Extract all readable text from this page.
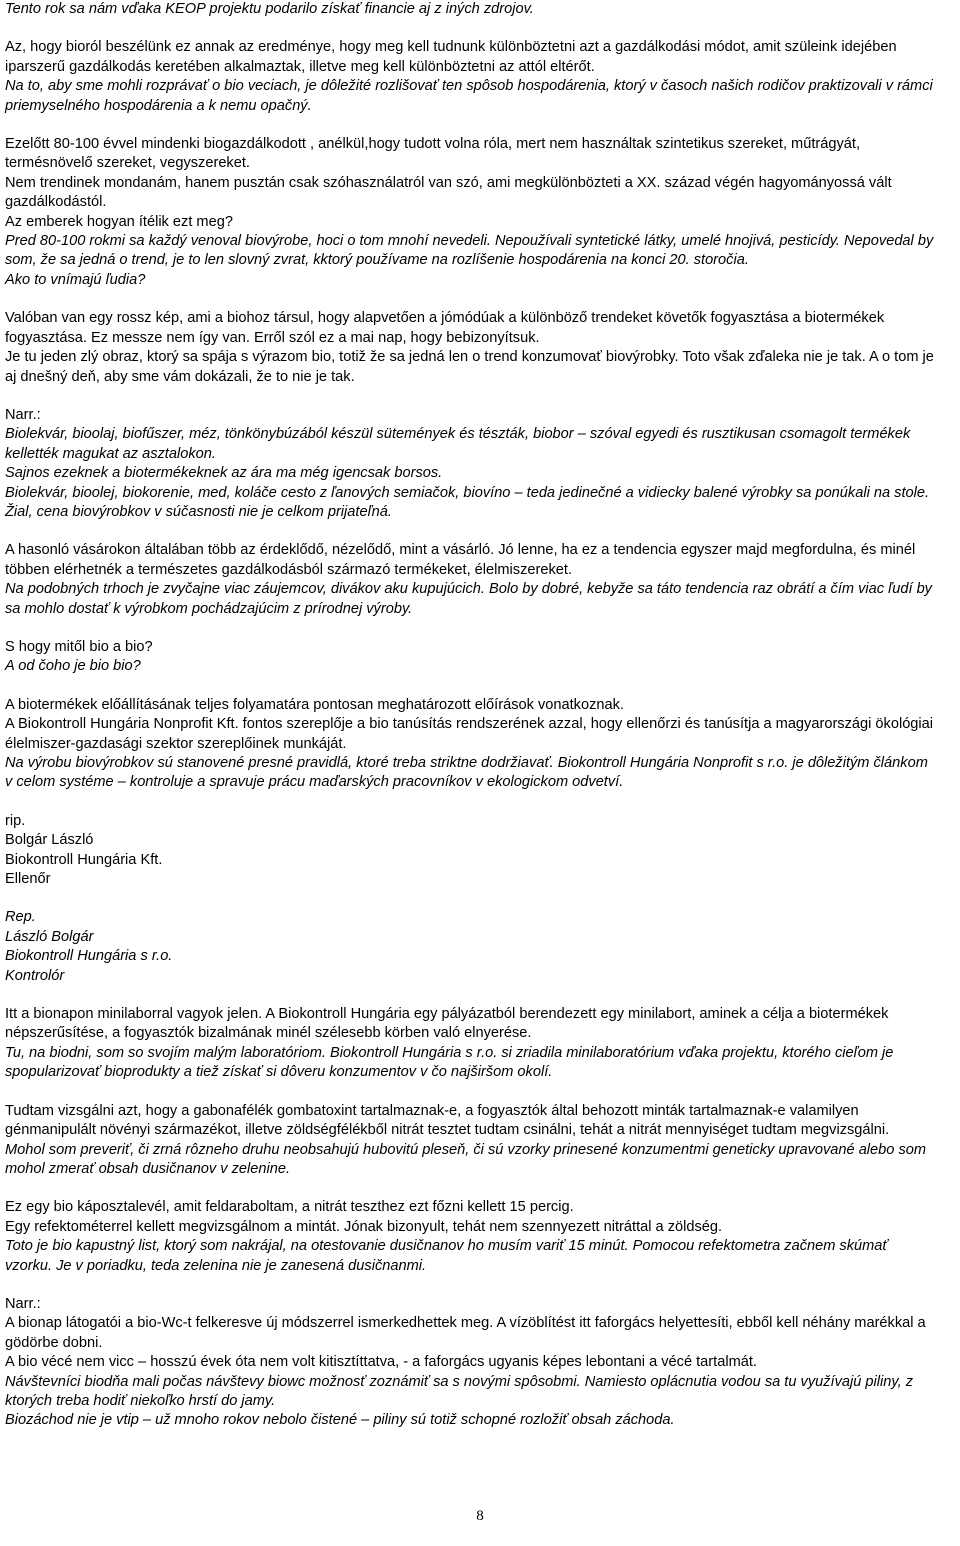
Tento rok sa nám vďaka KEOP projektu podarilo získať financie aj z iných zdrojov.

Az, hogy bioról beszélünk ez annak az eredménye, hogy meg kell tudnunk különböztetni azt a gazdálkodási módot, amit szüleink idejében iparszerű gazdálkodás keretében alkalmaztak, illetve meg kell különböztetni az attól eltérőt.

Na to, aby sme mohli rozprávať o bio veciach, je dôležité rozlišovať ten spôsob hospodárenia, ktorý v časoch našich rodičov praktizovali v rámci priemyselného hospodárenia a k nemu opačný.

Ezelőtt 80-100 évvel mindenki biogazdálkodott , anélkül,hogy tudott volna róla, mert nem használtak szintetikus szereket, műtrágyát, termésnövelő szereket, vegyszereket.

Nem trendinek mondanám, hanem pusztán csak szóhasználatról van szó, ami megkülönbözteti a XX. század végén hagyományossá vált gazdálkodástól.

Az emberek hogyan ítélik ezt meg?

Pred 80-100 rokmi sa každý venoval biovýrobe, hoci o tom mnohí nevedeli. Nepoužívali syntetické látky, umelé hnojivá, pesticídy. Nepovedal by som, že sa jedná o trend, je to len slovný zvrat, kktorý používame na rozlíšenie hospodárenia na konci 20. storočia.

Ako to vnímajú ľudia?

Valóban van egy rossz kép, ami a biohoz társul, hogy alapvetően a jómódúak a különböző trendeket követők fogyasztása a biotermékek fogyasztása. Ez messze nem így van. Erről szól ez a mai nap, hogy bebizonyítsuk.

Je tu jeden zlý obraz, ktorý sa spája s výrazom bio, totiž že sa jedná len o trend konzumovať biovýrobky. Toto však zďaleka nie je tak. A o tom je aj dnešný deň, aby sme vám dokázali, že to nie je tak.

Narr.:

Biolekvár, bioolaj, biofűszer, méz, tönkönybúzából készül sütemények és tészták, biobor – szóval egyedi és rusztikusan csomagolt termékek kellették magukat az asztalokon.

Sajnos ezeknek a biotermékeknek az ára ma még igencsak borsos.

Biolekvár, bioolej, biokorenie, med, koláče cesto z ľanových semiačok, biovíno – teda jedinečné a vidiecky balené výrobky sa ponúkali na stole.

Žial, cena biovýrobkov v súčasnosti nie je celkom prijateľná.

A hasonló vásárokon általában több az érdeklődő, nézelődő, mint a vásárló. Jó lenne, ha ez a tendencia egyszer majd megfordulna, és minél többen elérhetnék a természetes gazdálkodásból származó termékeket, élelmiszereket.

Na podobných trhoch je zvyčajne viac záujemcov, divákov aku kupujúcich. Bolo by dobré, kebyže sa táto tendencia raz obrátí a čím viac ľudí by sa mohlo dostať k výrobkom pochádzajúcim z prírodnej výroby.

S hogy mitől bio a bio?

A od čoho je bio bio?

A biotermékek előállításának teljes folyamatára pontosan meghatározott előírások vonatkoznak.

A Biokontroll Hungária Nonprofit Kft. fontos szereplője a bio tanúsítás rendszerének azzal, hogy ellenőrzi és tanúsítja a magyarországi ökológiai élelmiszer-gazdasági szektor szereplőinek munkáját.

Na výrobu biovýrobkov sú stanovené presné pravidlá, ktoré treba striktne dodržiavať. Biokontroll Hungária Nonprofit s r.o. je dôležitým článkom v celom systéme – kontroluje a spravuje prácu maďarských pracovníkov v ekologickom odvetví.

rip.

Bolgár László

Biokontroll Hungária Kft.

Ellenőr

Rep.

László Bolgár

Biokontroll Hungária s r.o.

Kontrolór

Itt a bionapon minilaborral vagyok jelen. A Biokontroll Hungária egy pályázatból berendezett egy minilabort, aminek a célja a biotermékek népszerűsítése, a fogyasztók bizalmának minél szélesebb körben való elnyerése.

Tu, na biodni, som so svojím malým laboratóriom. Biokontroll Hungária s r.o. si zriadila minilaboratórium vďaka projektu, ktorého cieľom je spopularizovať bioprodukty a tiež získať si dôveru konzumentov v čo najširšom okolí.

Tudtam vizsgálni azt, hogy a gabonafélék gombatoxint tartalmaznak-e, a fogyasztók által behozott minták tartalmaznak-e valamilyen génmanipulált növényi származékot, illetve zöldségfélékből nitrát tesztet tudtam csinálni, tehát a nitrát mennyiséget tudtam megvizsgálni.

Mohol som preveriť, či zrná rôzneho druhu neobsahujú hubovitú pleseň, či sú vzorky prinesené konzumentmi geneticky upravované alebo som mohol zmerať obsah dusičnanov v zelenine.

Ez egy bio káposztalevél, amit feldaraboltam, a nitrát teszthez ezt főzni kellett 15 percig.

Egy refektométerrel kellett megvizsgálnom a mintát. Jónak bizonyult, tehát nem szennyezett nitráttal a zöldség.

Toto je bio kapustný list, ktorý som nakrájal, na otestovanie dusičnanov ho musím variť 15 minút. Pomocou refektometra začnem skúmať vzorku. Je v poriadku, teda zelenina nie je zanesená dusičnanmi.

Narr.:

A bionap látogatói a bio-Wc-t felkeresve új módszerrel ismerkedhettek meg. A vízöblítést itt faforgács helyettesíti, ebből kell néhány marékkal a gödörbe dobni.

A bio vécé nem vicc – hosszú évek óta nem volt kitisztíttatva, - a faforgács ugyanis képes lebontani a vécé tartalmát.

Návštevníci biodňa mali počas návštevy biowc možnosť zoznámiť sa s novými spôsobmi. Namiesto oplácnutia vodou sa tu využívajú piliny, z ktorých treba hodiť niekoľko hrstí do jamy.

Biozáchod nie je vtip – už mnoho rokov nebolo čistené – piliny sú totiž schopné rozložiť obsah záchoda.

8
